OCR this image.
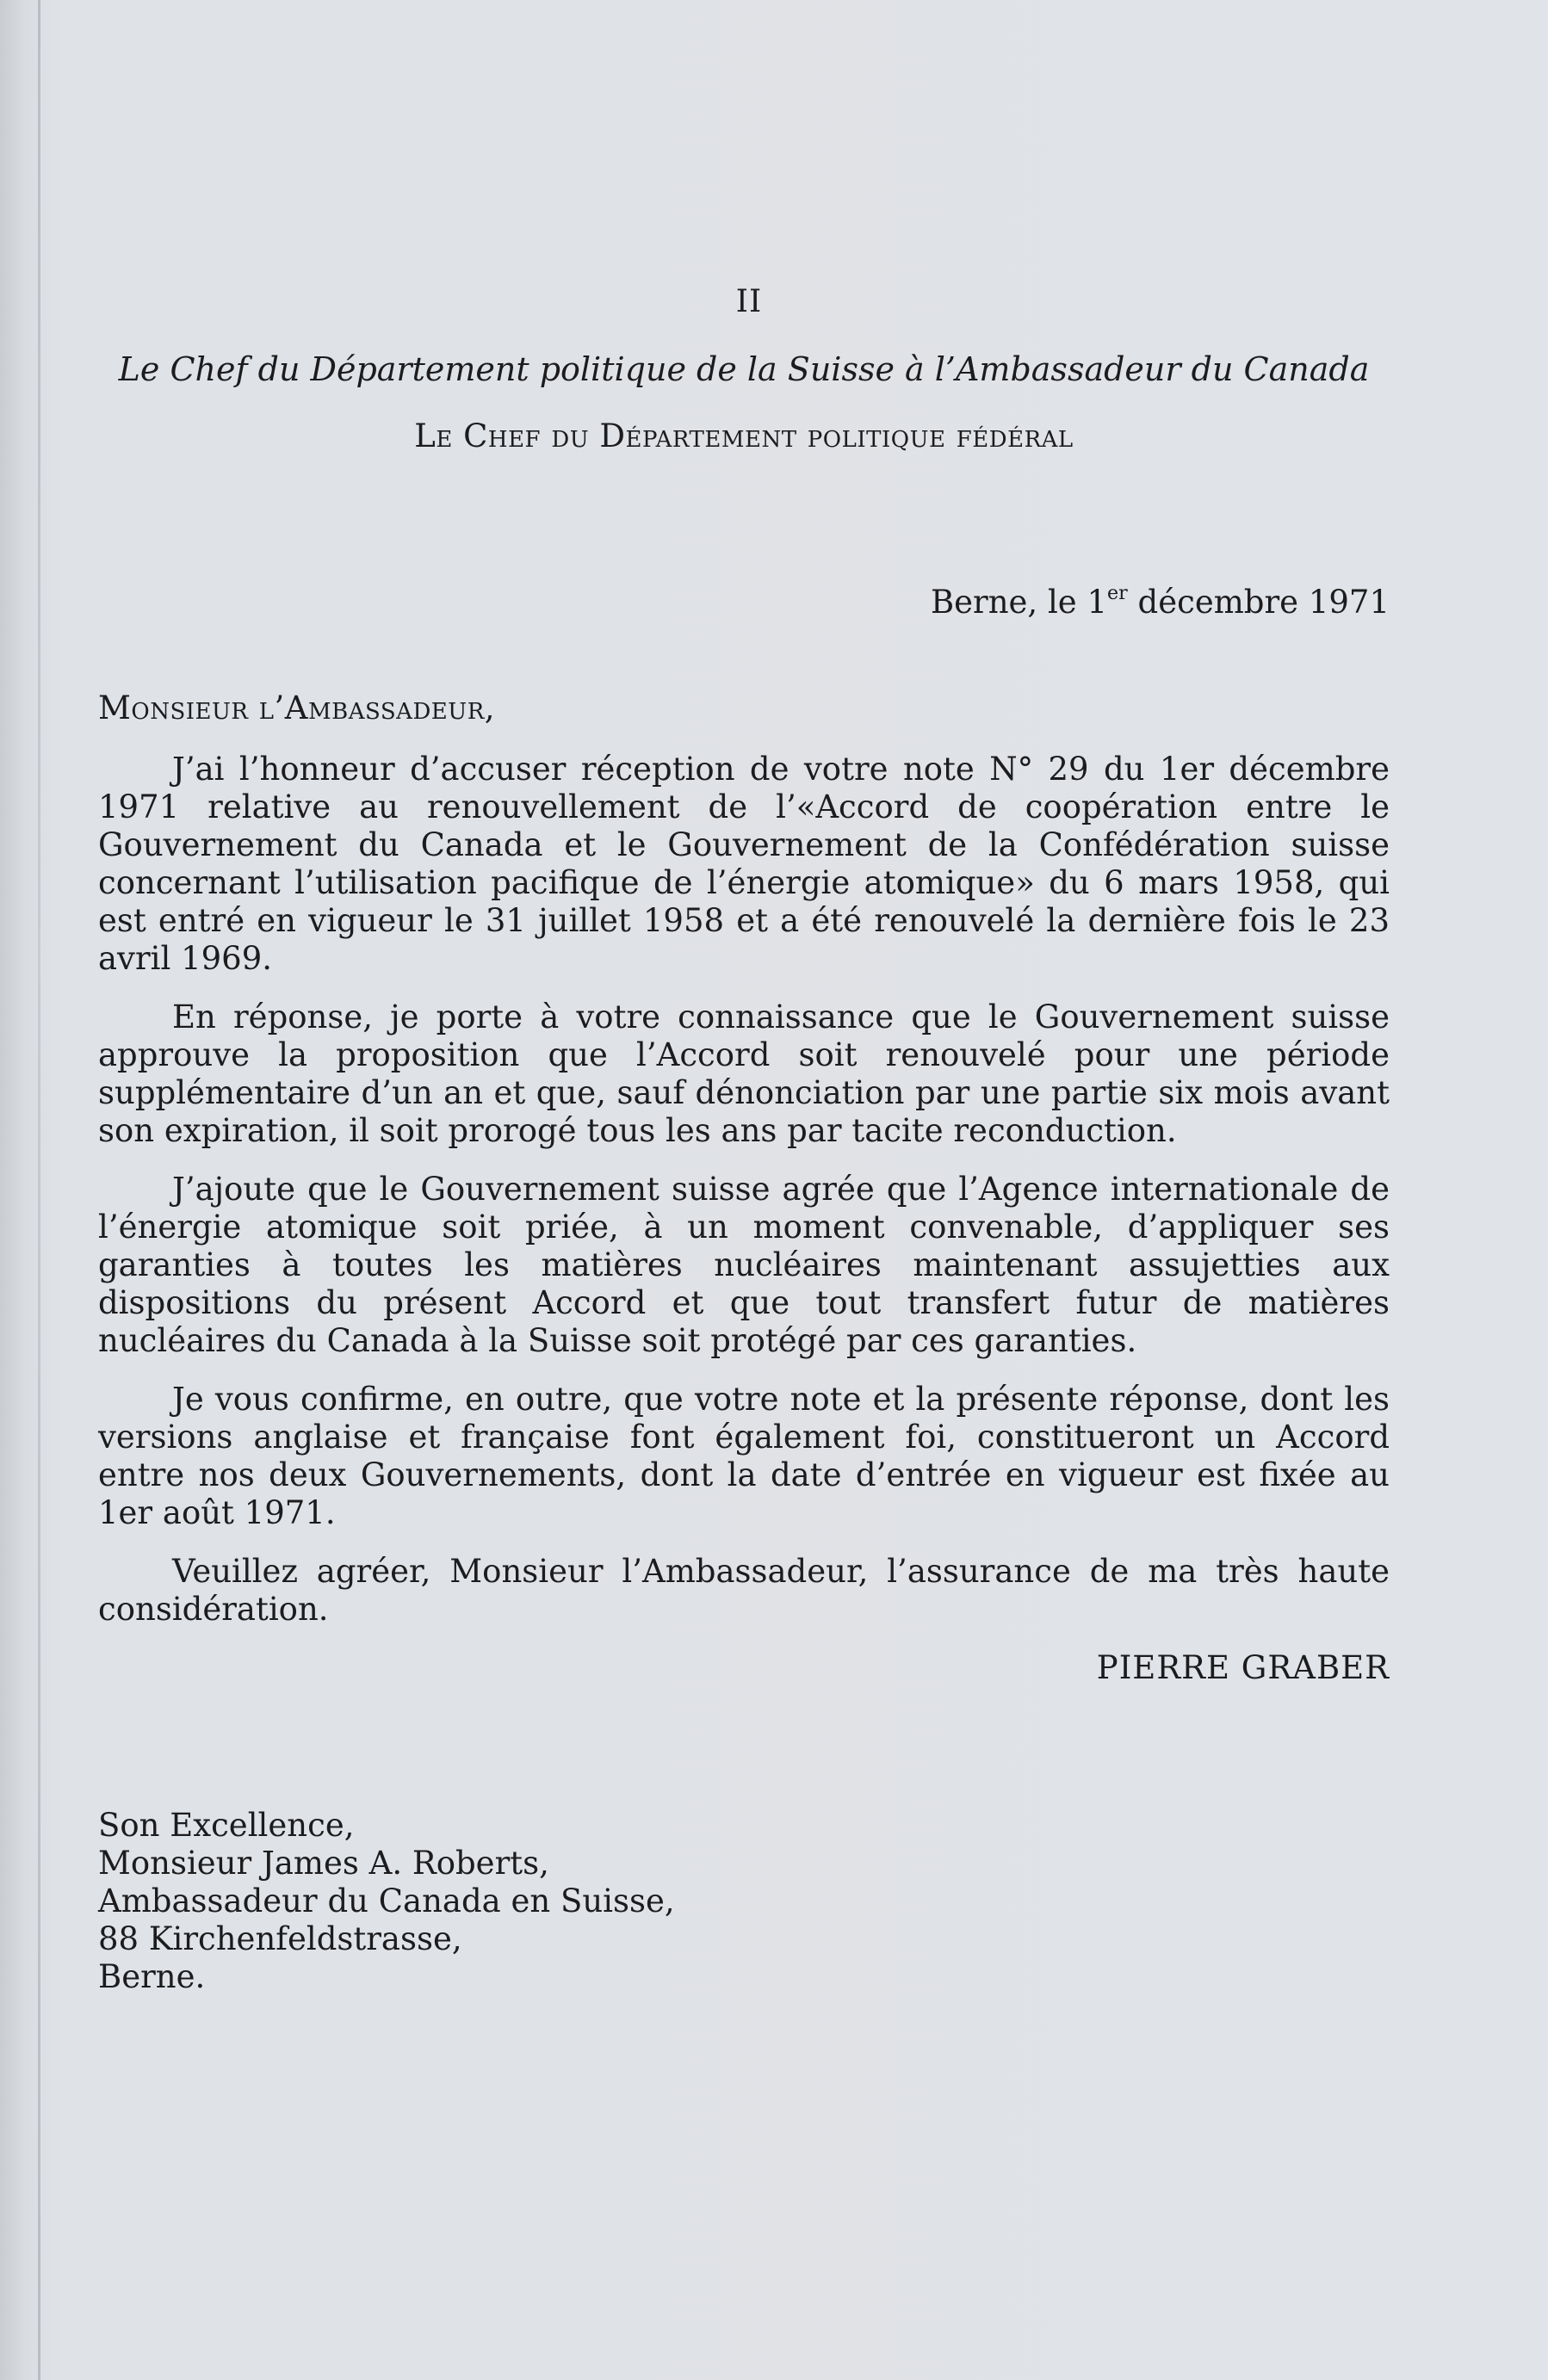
II
Le Chef du Département politique de la Suisse à l’Ambassadeur du Canada
Le Chef du Département politique fédéral
Berne, le 1er décembre 1971
Monsieur l’Ambassadeur,

J’ai l’honneur d’accuser réception de votre note N° 29 du 1er décembre 1971 relative au renouvellement de l’«Accord de coopération entre le Gouvernement du Canada et le Gouvernement de la Confédération suisse concernant l’utilisation pacifique de l’énergie atomique» du 6 mars 1958, qui est entré en vigueur le 31 juillet 1958 et a été renouvelé la dernière fois le 23 avril 1969.

En réponse, je porte à votre connaissance que le Gouvernement suisse approuve la proposition que l’Accord soit renouvelé pour une période supplémentaire d’un an et que, sauf dénonciation par une partie six mois avant son expiration, il soit prorogé tous les ans par tacite reconduction.

J’ajoute que le Gouvernement suisse agrée que l’Agence internationale de l’énergie atomique soit priée, à un moment convenable, d’appliquer ses garanties à toutes les matières nucléaires maintenant assujetties aux dispositions du présent Accord et que tout transfert futur de matières nucléaires du Canada à la Suisse soit protégé par ces garanties.

Je vous confirme, en outre, que votre note et la présente réponse, dont les versions anglaise et française font également foi, constitueront un Accord entre nos deux Gouvernements, dont la date d’entrée en vigueur est fixée au 1er août 1971.

Veuillez agréer, Monsieur l’Ambassadeur, l’assurance de ma très haute considération.

PIERRE GRABER
Son Excellence,
Monsieur James A. Roberts,
Ambassadeur du Canada en Suisse,
88 Kirchenfeldstrasse,
Berne.
